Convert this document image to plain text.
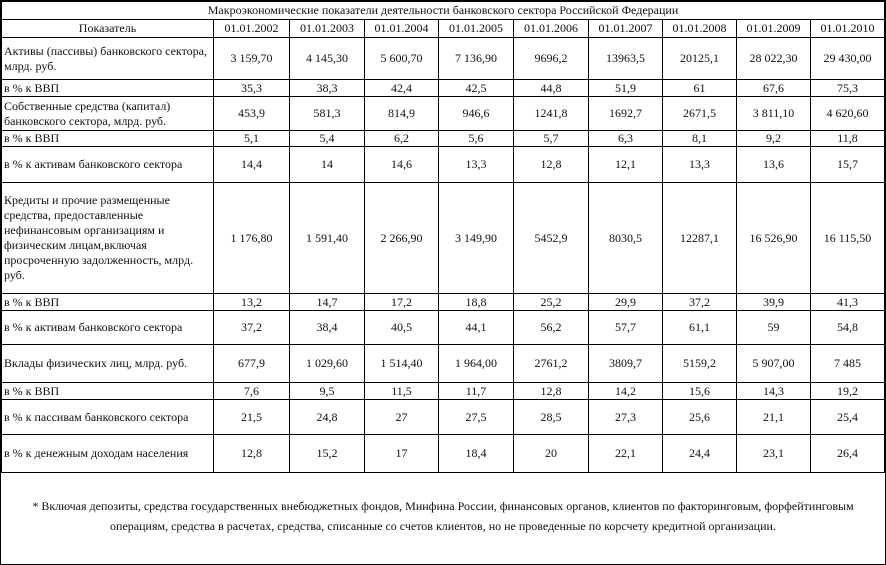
Макроэкономические показатели деятельности банковского сектора Российской Федерации									
Показатель	01.01.2002	01.01.2003	01.01.2004	01.01.2005	01.01.2006	01.01.2007	01.01.2008	01.01.2009	01.01.2010
Активы (пассивы) банковского сектора, млрд. руб.	3 159,70	4 145,30	5 600,70	7 136,90	9696,2	13963,5	20125,1	28 022,30	29 430,00
в % к ВВП	35,3	38,3	42,4	42,5	44,8	51,9	61	67,6	75,3
Собственные средства (капитал) банковского сектора, млрд. руб.	453,9	581,3	814,9	946,6	1241,8	1692,7	2671,5	3 811,10	4 620,60
в % к ВВП	5,1	5,4	6,2	5,6	5,7	6,3	8,1	9,2	11,8
в % к активам банковского сектора	14,4	14	14,6	13,3	12,8	12,1	13,3	13,6	15,7
Кредиты и прочие размещенные средства, предоставленные нефинансовым организациям и физическим лицам,включая просроченную задолженность, млрд. руб.	1 176,80	1 591,40	2 266,90	3 149,90	5452,9	8030,5	12287,1	16 526,90	16 115,50
в % к ВВП	13,2	14,7	17,2	18,8	25,2	29,9	37,2	39,9	41,3
в % к активам банковского сектора	37,2	38,4	40,5	44,1	56,2	57,7	61,1	59	54,8
Вклады физических лиц, млрд. руб.	677,9	1 029,60	1 514,40	1 964,00	2761,2	3809,7	5159,2	5 907,00	7 485
в % к ВВП	7,6	9,5	11,5	11,7	12,8	14,2	15,6	14,3	19,2
в % к пассивам банковского сектора	21,5	24,8	27	27,5	28,5	27,3	25,6	21,1	25,4
в % к денежным доходам населения	12,8	15,2	17	18,4	20	22,1	24,4	23,1	26,4
* Включая депозиты, средства государственных внебюджетных фондов, Минфина России, финансовых органов, клиентов по факторинговым, форфейтинговым операциям, средства в расчетах, средства, списанные со счетов клиентов, но не проведенные по корсчету кредитной организации.
